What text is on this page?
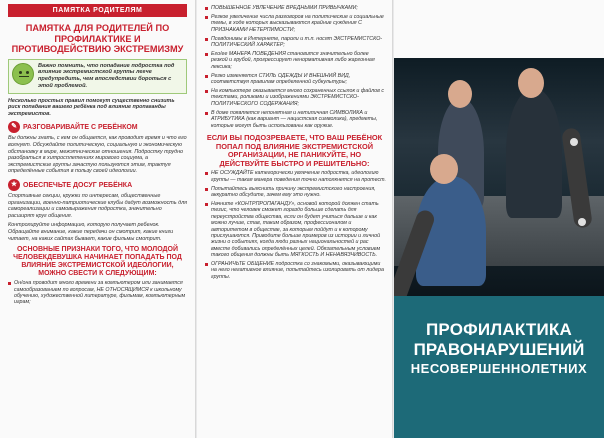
ПАМЯТКА РОДИТЕЛЯМ
ПАМЯТКА ДЛЯ РОДИТЕЛЕЙ ПО ПРОФИЛАКТИКЕ И ПРОТИВОДЕЙСТВИЮ ЭКСТРЕМИЗМУ

Важно помнить, что попадание подростка под влияние экстремистской группы легче предупредить, чем впоследствии бороться с этой проблемой.

Несколько простых правил помогут существенно снизить риск попадания вашего ребёнка под влияние пропаганды экстремистов.
✎ РАЗГОВАРИВАЙТЕ С РЕБЁНКОМ
Вы должны знать, с кем он общается, как проводит время и что его волнует. Обсуждайте политическую, социальную и экономическую обстановку в мире, межэтнические отношения. Подростку трудно разобраться в хитросплетениях мирового социума, а экстремистские группы зачастую пользуются этим, трактуя определённые события в пользу своей идеологии.
★ ОБЕСПЕЧЬТЕ ДОСУГ РЕБЁНКА
Спортивные секции, кружки по интересам, общественные организации, военно-патриотические клубы дадут возможность для самореализации и самовыражения подростка, значительно расширят круг общения.
Контролируйте информацию, которую получает ребенок. Обращайте внимание, какие передачи он смотрит, какие книги читает, на каких сайтах бывает, какие фильмы смотрит.
ОСНОВНЫЕ ПРИЗНАКИ ТОГО, ЧТО МОЛОДОЙ ЧЕЛОВЕКДЕВУШКА НАЧИНАЕТ ПОПАДАТЬ ПОД ВЛИЯНИЕ ЭКСТРЕМИСТСКОЙ ИДЕОЛОГИИ, МОЖНО СВЕСТИ К СЛЕДУЮЩИМ:
Он/она проводит много времени за компьютером или занимается самообразованием по вопросам, НЕ ОТНОСЯЩИМСЯ к школьному обучению, художественной литературе, фильмам, компьютерным играм;
ПОВЫШЕННОЕ УВЛЕЧЕНИЕ ВРЕДНЫМИ ПРИВЫЧКАМИ;
Резкое увеличение числа разговоров на политические и социальные темы, в ходе которых высказываются крайние суждения С ПРИЗНАКАМИ НЕТЕРПИМОСТИ;
Псевдонимы в Интернете, пароли и т.п. носят ЭКСТРЕМИСТСКО-ПОЛИТИЧЕСКИЙ ХАРАКТЕР;
Его/ее МАНЕРА ПОВЕДЕНИЯ становится значительно более резкой и грубой, прогрессирует ненормативная либо жаргонная лексика;
Резко изменяется СТИЛЬ ОДЕЖДЫ И ВНЕШНИЙ ВИД, соответствуя правилам определенной субкультуры;
На компьютере оказывается много сохраненных ссылок и файлов с текстами, роликами и изображениями ЭКСТРЕМИСТСКО-ПОЛИТИЧЕСКОГО СОДЕРЖАНИЯ;
В доме появляется непонятная и нетипичная СИМВОЛИКА и АТРИБУТИКА (как вариант — нацистская символика), предметы, которые могут быть использованы как оружие.
ЕСЛИ ВЫ ПОДОЗРЕВАЕТЕ, ЧТО ВАШ РЕБЁНОК ПОПАЛ ПОД ВЛИЯНИЕ ЭКСТРЕМИСТСКОЙ ОРГАНИЗАЦИИ, НЕ ПАНИКУЙТЕ, НО ДЕЙСТВУЙТЕ БЫСТРО И РЕШИТЕЛЬНО:
НЕ ОСУЖДАЙТЕ категорически увлечение подростка, идеологию группы — такая манера поведения точно натолкнется на протест.
Попытайтесь выяснить причину экстремистского настроения, аккуратно обсудите, зачем ему это нужно.
Начните «КОНТРПРОПАГАНДУ», основой которой должен стать тезис, что человек сможет гораздо больше сделать для переустройства общества, если он будет учиться дальше и как можно лучше, став, таким образом, профессионалом и авторитетом в обществе, за которым пойдут и к которому прислушаются. Приводите больше примеров из истории и личной жизни о событиях, когда люди разных национальностей и рас вместе добивались определённых целей. Обязательным условием такого общения должны быть МЯГКОСТЬ И НЕНАВЯЗЧИВОСТЬ.
ОГРАНИЧЬТЕ ОБЩЕНИЕ подростка со знакомыми, оказывающими на него негативное влияние, попытайтесь изолировать от лидера группы.
ПРОФИЛАКТИКА
ПРАВОНАРУШЕНИЙ
НЕСОВЕРШЕННОЛЕТНИХ
